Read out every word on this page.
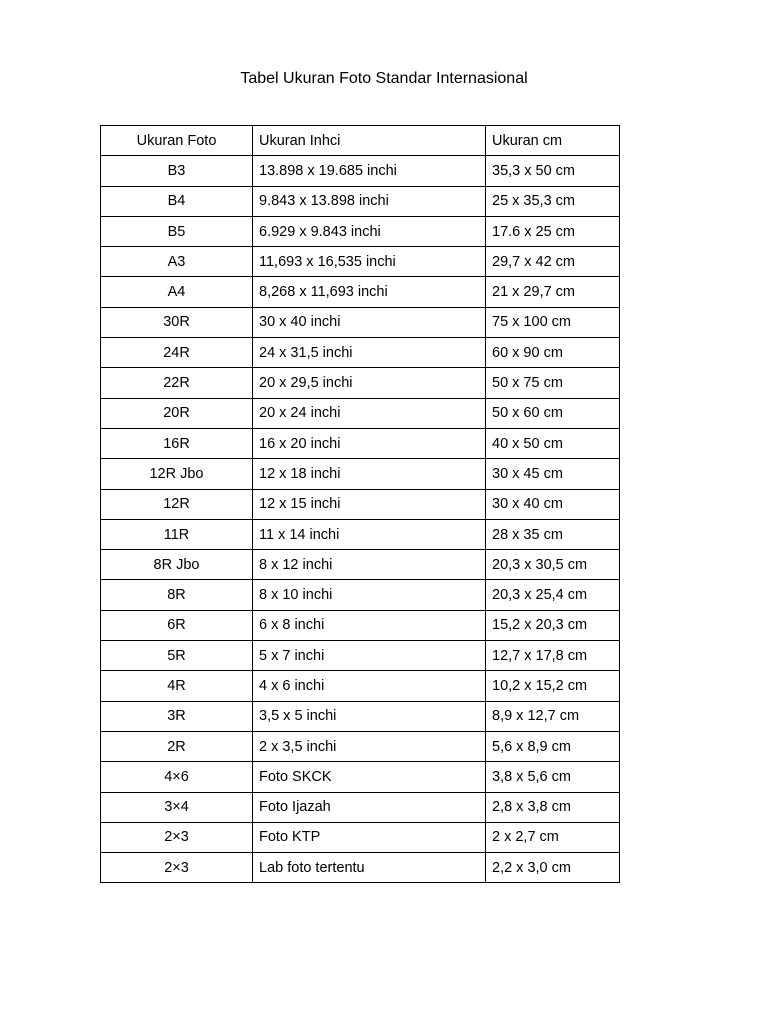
Tabel Ukuran Foto Standar Internasional
Ukuran Foto	Ukuran Inhci	Ukuran cm
B3	13.898 x 19.685 inchi	35,3 x 50 cm
B4	9.843 x 13.898 inchi	25 x 35,3 cm
B5	6.929 x 9.843 inchi	17.6 x 25 cm
A3	11,693 x 16,535 inchi	29,7 x 42 cm
A4	8,268 x 11,693 inchi	21 x 29,7 cm
30R	30 x 40 inchi	75 x 100 cm
24R	24 x 31,5 inchi	60 x 90 cm
22R	20 x 29,5 inchi	50 x 75 cm
20R	20 x 24 inchi	50 x 60 cm
16R	16 x 20 inchi	40 x 50 cm
12R Jbo	12 x 18 inchi	30 x 45 cm
12R	12 x 15 inchi	30 x 40 cm
11R	11 x 14 inchi	28 x 35 cm
8R Jbo	8 x 12 inchi	20,3 x 30,5 cm
8R	8 x 10 inchi	20,3 x 25,4 cm
6R	6 x 8 inchi	15,2 x 20,3 cm
5R	5 x 7 inchi	12,7 x 17,8 cm
4R	4 x 6 inchi	10,2 x 15,2 cm
3R	3,5 x 5 inchi	8,9 x 12,7 cm
2R	2 x 3,5 inchi	5,6 x 8,9 cm
4×6	Foto SKCK	3,8 x 5,6 cm
3×4	Foto Ijazah	2,8 x 3,8 cm
2×3	Foto KTP	2 x 2,7 cm
2×3	Lab foto tertentu	2,2 x 3,0 cm
